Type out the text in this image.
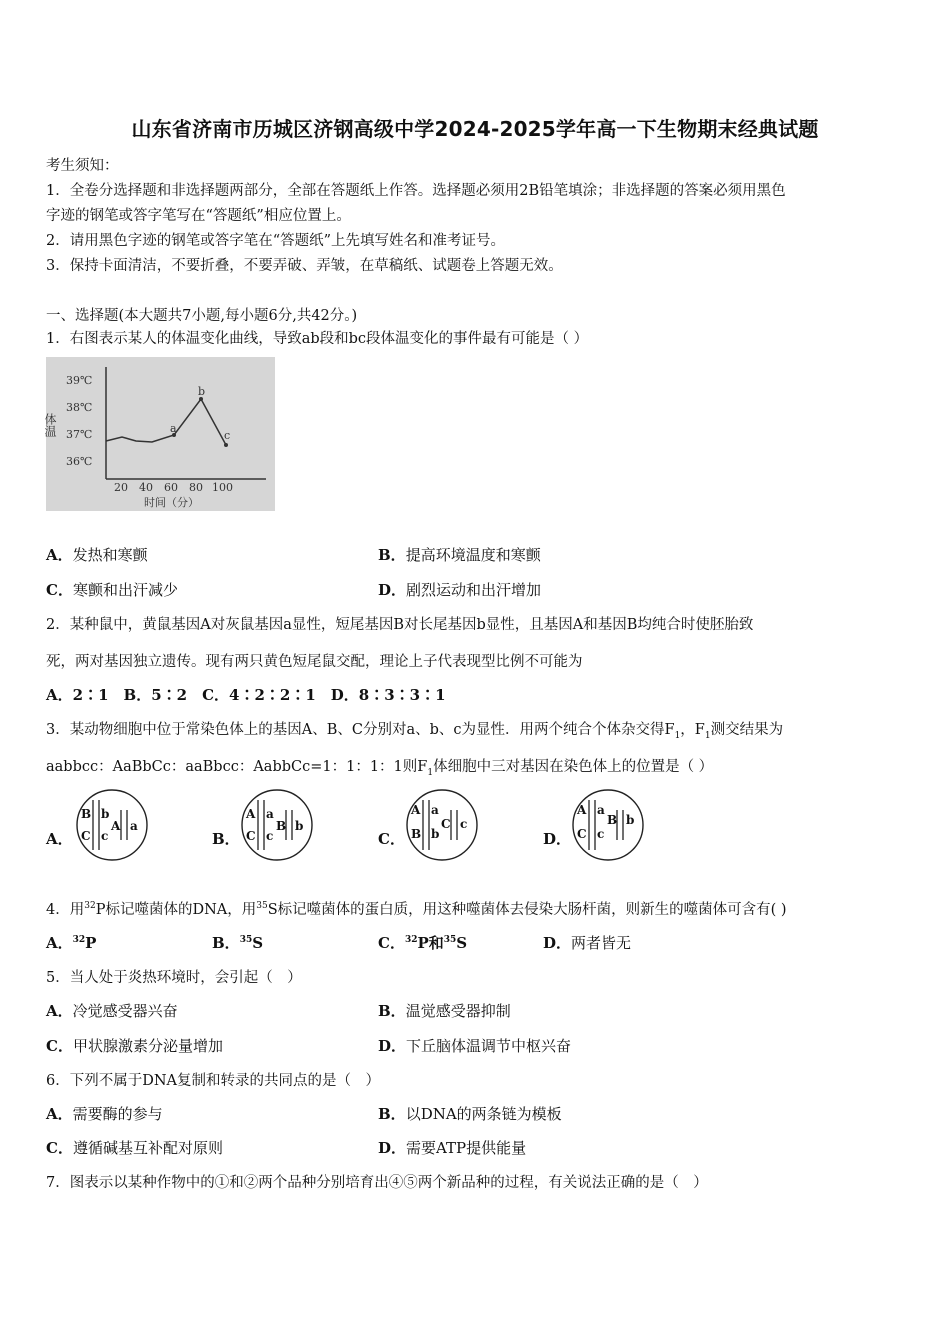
山东省济南市历城区济钢高级中学2024-2025学年高一下生物期末经典试题
考生须知：
1．全卷分选择题和非选择题两部分，全部在答题纸上作答。选择题必须用2B铅笔填涂；非选择题的答案必须用黑色
字迹的钢笔或答字笔写在“答题纸”相应位置上。
2．请用黑色字迹的钢笔或答字笔在“答题纸”上先填写姓名和准考证号。
3．保持卡面清洁，不要折叠，不要弄破、弄皱，在草稿纸、试题卷上答题无效。
一、选择题(本大题共7小题,每小题6分,共42分。)
1．右图表示某人的体温变化曲线，导致ab段和bc段体温变化的事件最有可能是（ ）
39℃
38℃
37℃
36℃
体温
20 40 60 80 100
时间（分）
a
b
c
A．发热和寒颤	B．提高环境温度和寒颤
C．寒颤和出汗减少	D．剧烈运动和出汗增加
2．某种鼠中，黄鼠基因A对灰鼠基因a显性，短尾基因B对长尾基因b显性，且基因A和基因B均纯合时使胚胎致
死，两对基因独立遗传。现有两只黄色短尾鼠交配，理论上子代表现型比例不可能为
A．2∶1　B．5∶2　C．4∶2∶2∶1　D．8∶3∶3∶1
3．某动物细胞中位于常染色体上的基因A、B、C分别对a、b、c为显性．用两个纯合个体杂交得$F_1$，$F_1$测交结果为
aabbcc：AaBbCc：aaBbcc：AabbCc=1：1：1：1则$F_1$体细胞中三对基因在染色体上的位置是（ ）
A．
B
C
b
c
A a
B．
A
C
a
c
B b
C．
A
B
a
b
C c
D．
A
C
a
c
B b
4．用$^{32}$P标记噬菌体的DNA，用$^{35}$S标记噬菌体的蛋白质，用这种噬菌体去侵染大肠杆菌，则新生的噬菌体可含有( )
A．$^{32}$P	B．$^{35}$S	C．$^{32}$P和$^{35}$S	D．两者皆无
5．当人处于炎热环境时，会引起（　）
A．冷觉感受器兴奋	B．温觉感受器抑制
C．甲状腺激素分泌量增加	D．下丘脑体温调节中枢兴奋
6．下列不属于DNA复制和转录的共同点的是（　）
A．需要酶的参与	B．以DNA的两条链为模板
C．遵循碱基互补配对原则	D．需要ATP提供能量
7．图表示以某种作物中的①和②两个品种分别培育出④⑤两个新品种的过程，有关说法正确的是（　）
